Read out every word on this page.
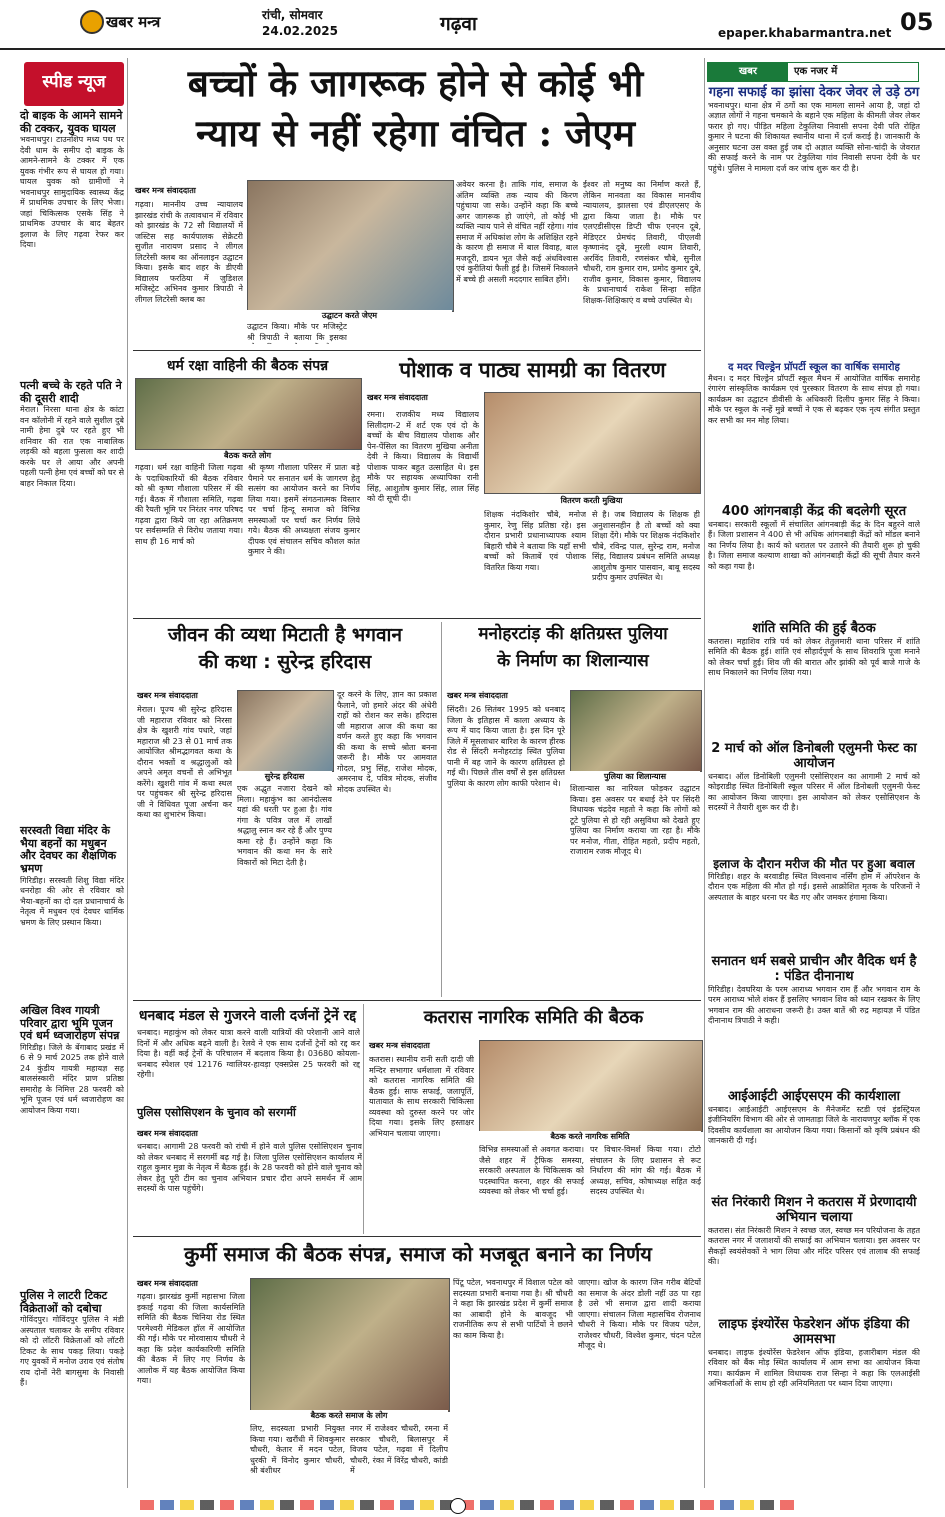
खबर मन्त्र	रांची, सोमवार
24.02.2025	गढ़वा	epaper.khabarmantra.net 05
स्पीड न्यूज
दो बाइक के आमने सामने की टक्कर, युवक घायल
भवनाथपुर। टाउनशिप मध्य पथ पर देवी धाम के समीप दो बाइक के आमने-सामने के टक्कर में एक युवक गंभीर रूप से घायल हो गया। घायल युवक को ग्रामीणों ने भवनाथपुर सामुदायिक स्वास्थ्य केंद्र में प्राथमिक उपचार के लिए भेजा। जहां चिकित्सक एसके सिंह ने प्राथमिक उपचार के बाद बेहतर इलाज के लिए गढ़वा रेफर कर दिया।
पत्नी बच्चे के रहते पति ने की दूसरी शादी
मेराल। निरसा थाना क्षेत्र के कांटा वन कॉलोनी में रहने वाले सुशील दुबे नामी हेमा दुबे पर रहते हुए भी शनिवार की रात एक नाबालिक लड़की को बहला फुसला कर शादी करके घर ले आया और अपनी पहली पत्नी हेमा एवं बच्चों को घर से बाहर निकाल दिया।
सरस्वती विद्या मंदिर के भैया बहनों का मधुबन और देवघर का शैक्षणिक भ्रमण
गिरिडीह। सरस्वती शिशु विद्या मंदिर धनरोहा की ओर से रविवार को भैया-बहनों का दो दल प्रधानाचार्य के नेतृत्व में मधुबन एवं देवघर धार्मिक भ्रमण के लिए प्रस्थान किया।
अखिल विश्व गायत्री परिवार द्वारा भूमि पूजन एवं धर्म ध्वजारोहण संपन्न
गिरिडीह। जिले के बेंगाबाद प्रखंड में 6 से 9 मार्च 2025 तक होने वाले 24 कुंडीय गायत्री महायज्ञ सह बालसंस्कारी मंदिर प्राण प्रतिष्ठा समारोह के निमित्त 28 फरवरी को भूमि पूजन एवं धर्म ध्वजारोहण का आयोजन किया गया।
पुलिस ने लाटरी टिकट विक्रेताओं को दबोचा
गोविंदपुर। गोविंदपुर पुलिस ने मंडी अस्पताल चलाकर के समीप रविवार को दो लॉटरी विक्रेताओं को लॉटरी टिकट के साथ पकड़ लिया। पकड़े गए युवकों में मनोज उराव एवं संतोष राय दोनों नेरी बागसुमा के निवासी हैं।
बच्चों के जागरूक होने से कोई भी
न्याय से नहीं रहेगा वंचित : जेएम
खबर मन्त्र संवाददाता
गढ़वा। माननीय उच्च न्यायालय झारखंड रांची के तत्वावधान में रविवार को झारखंड के 72 सौ विद्यालयों में जस्टिस सह कार्यपालक सेक्रेटरी सुजीत नारायण प्रसाद ने लीगल लिटरेसी क्लब का ऑनलाइन उद्घाटन किया। इसके बाद शहर के डीएवी विद्यालय फरठिया में जुडिशल मजिस्ट्रेट अभिनव कुमार त्रिपाठी ने लीगल लिटरेसी क्लब का
उद्घाटन करते जेएम
उद्घाटन किया। मौके पर मजिस्ट्रेट श्री त्रिपाठी ने बताया कि इसका
अवेयर करना है। ताकि गांव, समाज के अंतिम व्यक्ति तक न्याय की किरण पहुंचाया जा सके। उन्होंने कहा कि बच्चे अगर जागरूक हो जाएंगे, तो कोई भी व्यक्ति न्याय पाने से वंचित नहीं रहेगा। गांव समाज में अधिकांश लोग के अशिक्षित रहने के कारण ही समाज में बाल विवाह, बाल मजदूरी, डायन भूत जैसे कई अंधविश्वास एवं कुरीतियां फैली हुई है। जिसमें निकालने में बच्चे ही असली मददगार साबित होंगे।
ईश्वर तो मनुष्य का निर्माण करते हैं, लेकिन मानवता का विकास मानवीय न्यायालय, झालसा एवं डीएलएसए के द्वारा किया जाता है। मौके पर एलएडीसीएस डिप्टी चीफ एनएन दूबे, मेडिएटर प्रेमचंद तिवारी, पीएलवी कृष्णानंद दूबे, मुरली श्याम तिवारी, अरविंद तिवारी, रणसंकर चौबे, सुनील चौधरी, राम कुमार राम, प्रमोद कुमार दुबे, राजीव कुमार, विकास कुमार, विद्यालय के प्रधानाचार्य राकेश सिन्हा सहित शिक्षक-शिक्षिकाएं व बच्चे उपस्थित थे।
धर्म रक्षा वाहिनी की बैठक संपन्न
बैठक करते लोग
गढ़वा। धर्म रक्षा वाहिनी जिला गढ़वा के पदाधिकारियों की बैठक रविवार को श्री कृष्ण गौशाला परिसर में की गई। बैठक में गौशाला समिति, गढ़वा की रैयती भूमि पर निरंतर नगर परिषद गढ़वा द्वारा किये जा रहा अतिक्रमण पर सर्वसम्मति से विरोध जताया गया। साथ ही 16 मार्च को
श्री कृष्ण गौशाला परिसर में प्रातः बड़े पैमाने पर सनातन धर्म के जागरण हेतु सत्संग का आयोजन करने का निर्णय लिया गया। इसमें संगठनात्मक विस्तार पर चर्चा हिन्दू समाज को विभिन्न समस्याओं पर चर्चा कर निर्णय लिये गये। बैठक की अध्यक्षता संजय कुमार दीपक एवं संचालन सचिव कौशल कांत कुमार ने की।
पोशाक व पाठ्य सामग्री का वितरण
खबर मन्त्र संवाददाता
रमना। राजकीय मध्य विद्यालय सिलीदाग-2 में शर्ट एक एवं दो के बच्चों के बीच विद्यालय पोशाक और पेन-पेंसिल का वितरण मुखिया अनीता देवी ने किया। विद्यालय के विद्यार्थी पोशाक पाकर बहुत उत्साहित थे। इस मौके पर सहायक अध्यापिका रानी सिंह, आशुतोष कुमार सिंह, लाल सिंह को दी सूची दी।	वितरण करती मुखिया
शिक्षक नंदकिशोर चौबे, मनोज कुमार, रेणु सिंह प्रतिष्ठा रहे। इस दौरान प्रभारी प्रधानाध्यापक श्याम बिहारी चौबे ने बताया कि यहाँ सभी बच्चों को किताबें एवं पोशाक वितरित किया गया।
से है। जब विद्यालय के शिक्षक ही अनुशासनहीन है तो बच्चों को क्या शिक्षा देंगे। मौके पर शिक्षक नंदकिशोर चौबे, रविन्द्र पाल, सुरेन्द्र राम, मनोज सिंह, विद्यालय प्रबंधन समिति अध्यक्ष आशुतोष कुमार पासवान, बाबू सदस्य प्रदीप कुमार उपस्थित थे।
जीवन की व्यथा मिटाती है भगवान
की कथा : सुरेन्द्र हरिदास
खबर मन्त्र संवाददाता
मेराल। पूज्य श्री सुरेन्द्र हरिदास जी महाराज रविवार को निरसा क्षेत्र के खुशरी गांव पधारे, जहां महाराज श्री 23 से 01 मार्च तक आयोजित श्रीमद्भागवत कथा के दौरान भक्तों व श्रद्धालुओं को अपने अमृत वचनों से अभिभूत करेंगे। खुशरी गांव में कथा स्थल पर पहुंचकर श्री सुरेन्द्र हरिदास जी ने विधिवत पूजा अर्चना कर कथा का शुभारंभ किया।
सुरेन्द्र हरिदास
एक अद्भुत नजारा देखने को मिला। महाकुंभ का आनंदोत्सव यहां की धरती पर हुआ है। गांव गंगा के पवित्र जल में लाखों श्रद्धालु स्नान कर रहे हैं और पुण्य कमा रहे हैं। उन्होंने कहा कि भगवान की कथा मन के सारे विकारों को मिटा देती है।
दूर करने के लिए, ज्ञान का प्रकाश फैलाने, जो हमारे अंदर की अंधेरी राहों को रोशन कर सके। हरिदास जी महाराज आज की कथा का वर्णन करते हुए कहा कि भगवान की कथा के सच्चे श्रोता बनना जरूरी है। मौके पर आमवात गोदल, प्रभु सिंह, राजेश मोदक, अमरनाथ दे, पवित्र मोदक, संजीव मोदक उपस्थित थे।
मनोहरटांड़ की क्षतिग्रस्त पुलिया
के निर्माण का शिलान्यास
खबर मन्त्र संवाददाता
सिंदरी। 26 सितंबर 1995 को धनबाद जिला के इतिहास में काला अध्याय के रूप में याद किया जाता है। इस दिन पूरे जिले में मूसलाधार बारिश के कारण हीरक रोड से सिंदरी मनोहरटांड़ स्थित पुलिया पानी में बह जाने के कारण क्षतिग्रस्त हो गई थी। पिछले तीस वर्षों से इस क्षतिग्रस्त पुलिया के कारण लोग काफी परेशान थे।
पुलिया का शिलान्यास
शिलान्यास का नारियल फोड़कर उद्घाटन किया। इस अवसर पर बधाई देने पर सिंदरी विधायक चंद्रदेव महतो ने कहा कि लोगों को टूटे पुलिया से हो रही असुविधा को देखते हुए पुलिया का निर्माण कराया जा रहा है। मौके पर मनोज, गीता, रोहित महतो, प्रदीप महतो, राजाराम रजक मौजूद थे।
धनबाद मंडल से गुजरने वाली दर्जनों ट्रेनें रद्द
धनबाद। महाकुंभ को लेकर यात्रा करने वाली यात्रियों की परेशानी आने वाले दिनों में और अधिक बढ़ने वाली है। रेलवे ने एक साथ दर्जनों ट्रेनों को रद्द कर दिया है। वहीं कई ट्रेनों के परिचालन में बदलाव किया है। 03680 कोयला-धनबाद स्पेशल एवं 12176 ग्वालियर-हावड़ा एक्सप्रेस 25 फरवरी को रद्द रहेगी।
पुलिस एसोसिएशन के चुनाव को सरगर्मी
खबर मन्त्र संवाददाता
धनबाद। आगामी 28 फरवरी को रांची में होने वाले पुलिस एसोसिएशन चुनाव को लेकर धनबाद में सरगर्मी बढ़ गई है। जिला पुलिस एसोसिएशन कार्यालय में राहुल कुमार मुन्ना के नेतृत्व में बैठक हुई। के 28 फरवरी को होने वाले चुनाव को लेकर हेतु पूरी टीम का चुनाव अभियान प्रचार दौरा अपने समर्थन में आम सदस्यों के पास पहुंचेंगे।
कतरास नागरिक समिति की बैठक
खबर मन्त्र संवाददाता
कतरास। स्थानीय रानी सती दादी जी मन्दिर सभागार धर्मशाला में रविवार को कतरास नागरिक समिति की बैठक हुई। साफ सफाई, जलापूर्ति, यातायात के साथ सरकारी चिकित्सा व्यवस्था को दुरुस्त करने पर जोर दिया गया। इसके लिए हस्ताक्षर अभियान चलाया जाएगा।	बैठक करते नागरिक समिति
विभिन्न समस्याओं से अवगत कराया। जैसे शहर में ट्रैफिक समस्या, सरकारी अस्पताल के चिकित्सक को पदस्थापित करना, शहर की सफाई व्यवस्था को लेकर भी चर्चा हुई।
पर विचार-विमर्श किया गया। टोटो संचालन के लिए प्रशासन से रूट निर्धारण की मांग की गई। बैठक में अध्यक्ष, सचिव, कोषाध्यक्ष सहित कई सदस्य उपस्थित थे।
कुर्मी समाज की बैठक संपन्न, समाज को मजबूत बनाने का निर्णय
खबर मन्त्र संवाददाता
गढ़वा। झारखंड कुर्मी महासभा जिला इकाई गढ़वा की जिला कार्यसमिति समिति की बैठक चिनिया रोड स्थित परमेश्वरी मेडिकल हॉल में आयोजित की गई। मौके पर मोरवासाय चौधरी ने कहा कि प्रदेश कार्यकारिणी समिति की बैठक में लिए गए निर्णय के आलोक में यह बैठक आयोजित किया गया।
बैठक करते समाज के लोग
लिए, सदस्यता प्रभारी नियुक्त किया गया। खरौंधी में शिवकुमार चौधरी, केतार में मदन पटेल, धुरकी में विनोद कुमार चौधरी, श्री बंशीधर
नगर में राजेश्वर चौधरी, रमना में सरकार चौधरी, बिलासपुर में विजय पटेल, गढ़वा में दिलीप चौधरी, रंका में विरेंद्र चौधरी, कांडी में
पिंटू पटेल, भवनाथपुर में विशाल पटेल को सदस्यता प्रभारी बनाया गया है। श्री चौधरी ने कहा कि झारखंड प्रदेश में कुर्मी समाज का आबादी होने के बावजूद भी राजनीतिक रूप से सभी पार्टियों ने छलने का काम किया है।
जाएगा। खोज के कारण जिन गरीब बेटियों का समाज के अंदर डोली नहीं उठ पा रहा है उसे भी समाज द्वारा शादी कराया जाएगा। संचालन जिला महासचिव रोजनाथ चौधरी ने किया। मौके पर विजय पटेल, राजेश्वर चौधरी, विश्वेश कुमार, चंदन पटेल मौजूद थे।
खबर	एक नजर में
गहना सफाई का झांसा देकर जेवर ले उड़े ठग
भवनाथपुर। थाना क्षेत्र में ठगों का एक मामला सामने आया है, जहां दो अज्ञात लोगों ने गहना चमकाने के बहाने एक महिला के कीमती जेवर लेकर फरार हो गए। पीड़ित महिला टेकुलिया निवासी सपना देवी पति रोहित कुमार ने घटना की शिकायत स्थानीय थाना में दर्ज कराई है। जानकारी के अनुसार घटना उस वक्त हुई जब दो अज्ञात व्यक्ति सोना-चांदी के जेवरात की सफाई करने के नाम पर टेकुलिया गांव निवासी सपना देवी के घर पहुंचे। पुलिस ने मामला दर्ज कर जांच शुरू कर दी है।
द मदर चिल्ड्रेन प्रॉपर्टी स्कूल का वार्षिक समारोह
मैथन। द मदर चिल्ड्रेन प्रॉपर्टी स्कूल मैथन में आयोजित वार्षिक समारोह रंगारंग सांस्कृतिक कार्यक्रम एवं पुरस्कार वितरण के साथ संपन्न हो गया। कार्यक्रम का उद्घाटन डीवीसी के अधिकारी दिलीप कुमार सिंह ने किया। मौके पर स्कूल के नन्हें मुन्ने बच्चों ने एक से बढ़कर एक नृत्य संगीत प्रस्तुत कर सभी का मन मोह लिया।
400 आंगनबाड़ी केंद्र की बदलेगी सूरत
धनबाद। सरकारी स्कूलों में संचालित आंगनबाड़ी केंद्र के दिन बहुरने वाले हैं। जिला प्रशासन ने 400 से भी अधिक आंगनबाड़ी केंद्रों को मॉडल बनाने का निर्णय लिया है। कार्य को धरातल पर उतारने की तैयारी शुरू हो चुकी है। जिला समाज कल्याण शाखा को आंगनबाड़ी केंद्रों की सूची तैयार करने को कहा गया है।
शांति समिति की हुई बैठक
कतरास। महाशिव रात्रि पर्व को लेकर तेतुलमारी थाना परिसर में शांति समिति की बैठक हुई। शांति एवं सौहार्दपूर्ण के साथ शिवरात्रि पूजा मनाने को लेकर चर्चा हुई। शिव जी की बारात और झांकी को पूर्व बाजे गाजे के साथ निकालने का निर्णय लिया गया।
2 मार्च को ऑल डिनोबली एलुमनी फेस्ट का आयोजन
धनबाद। ऑल डिनोबिली एलुमनी एसोसिएशन का आगामी 2 मार्च को कोइराडीह स्थित डिनोबिली स्कूल परिसर में ऑल डिनोबली एलुमनी फेस्ट का आयोजन किया जाएगा। इस आयोजन को लेकर एसोसिएशन के सदस्यों ने तैयारी शुरू कर दी है।
इलाज के दौरान मरीज की मौत पर हुआ बवाल
गिरिडीह। शहर के बरवाडीह स्थित विश्वनाथ नर्सिंग होम में ऑपरेशन के दौरान एक महिला की मौत हो गई। इससे आक्रोशित मृतक के परिजनों ने अस्पताल के बाहर धरना पर बैठ गए और जमकर हंगामा किया।
सनातन धर्म सबसे प्राचीन और वैदिक धर्म है : पंडित दीनानाथ
गिरिडीह। देवघरिया के परम आराध्य भगवान राम हैं और भगवान राम के परम आराध्य भोले शंकर हैं इसलिए भगवान शिव को ध्यान रखकर के लिए भगवान राम की आराधना जरूरी है। उक्त बातें श्री रुद्र महायज्ञ में पंडित दीनानाथ त्रिपाठी ने कही।
आईआईटी आईएसएम की कार्यशाला
धनबाद। आईआईटी आईएसएम के मैनेजमेंट स्टडी एवं इंडस्ट्रियल इंजीनियरिंग विभाग की ओर से जामताड़ा जिले के नारायणपुर ब्लॉक में एक दिवसीय कार्यशाला का आयोजन किया गया। किसानों को कृषि प्रबंधन की जानकारी दी गई।
संत निरंकारी मिशन ने कतरास में प्रेरणादायी अभियान चलाया
कतरास। संत निरंकारी मिशन ने स्वच्छ जल, स्वच्छ मन परियोजना के तहत कतरास नगर में जलाशयों की सफाई का अभियान चलाया। इस अवसर पर सैकड़ों स्वयंसेवकों ने भाग लिया और मंदिर परिसर एवं तालाब की सफाई की।
लाइफ इंश्योरेंस फेडरेशन ऑफ इंडिया की आमसभा
धनबाद। लाइफ इंश्योरेंस फेडरेशन ऑफ इंडिया, हजारीबाग मंडल की रविवार को बैंक मोड़ स्थित कार्यालय में आम सभा का आयोजन किया गया। कार्यक्रम में शामिल विधायक राज सिन्हा ने कहा कि एलआईसी अभिकर्ताओं के साथ हो रही अनियमितता पर ध्यान दिया जाएगा।
